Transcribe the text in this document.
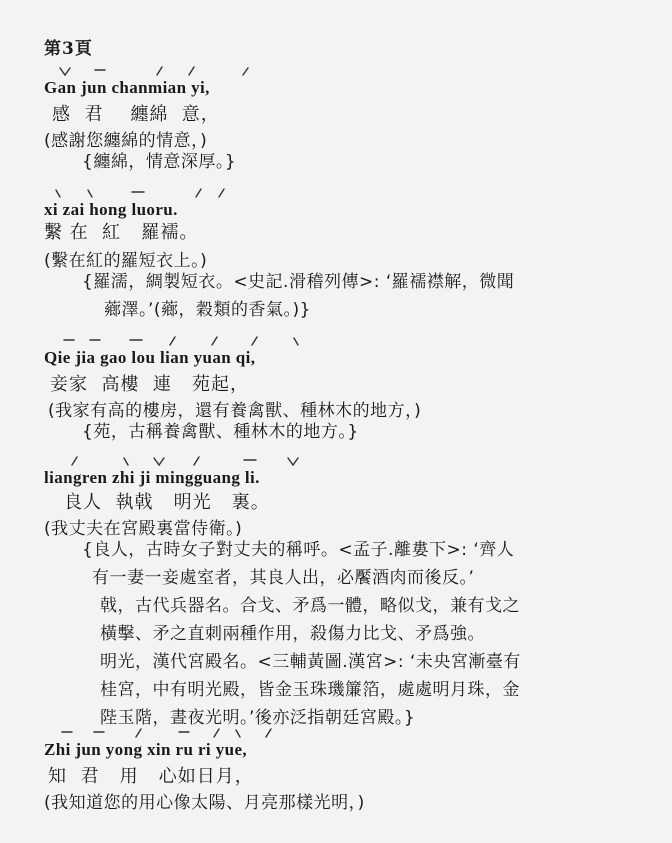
第3頁
Gan jun chanmian yi,
感  君    纏綿  意，
(感謝您纏綿的情意，)
{纏綿，情意深厚。}
xi zai hong luoru.
繫 在  紅   羅襦。
(繫在紅的羅短衣上。)
{羅濡，綢製短衣。<史記.滑稽列傳>: ‘羅襦襟解，微聞
薌澤。’(薌，穀類的香氣。)}
Qie jia gao lou lian yuan qi,
妾家  高樓  連   苑起，
(我家有高的樓房，還有養禽獸、種林木的地方，)
{苑，古稱養禽獸、種林木的地方。}
liangren zhi ji mingguang li.
良人  執戟   明光   裏。
(我丈夫在宮殿裏當侍衛。)
{良人，古時女子對丈夫的稱呼。<孟子.離婁下>: ‘齊人
有一妻一妾處室者，其良人出，必饜酒肉而後反。’
戟，古代兵器名。合戈、矛爲一體，略似戈，兼有戈之
橫擊、矛之直刺兩種作用，殺傷力比戈、矛爲強。
明光，漢代宮殿名。<三輔黃圖.漢宮>: ‘未央宮漸臺有
桂宮，中有明光殿，皆金玉珠璣簾箔，處處明月珠，金
陛玉階，晝夜光明。’後亦泛指朝廷宮殿。}
Zhi jun yong xin ru ri yue,
知  君   用   心如日月，
(我知道您的用心像太陽、月亮那樣光明，)
